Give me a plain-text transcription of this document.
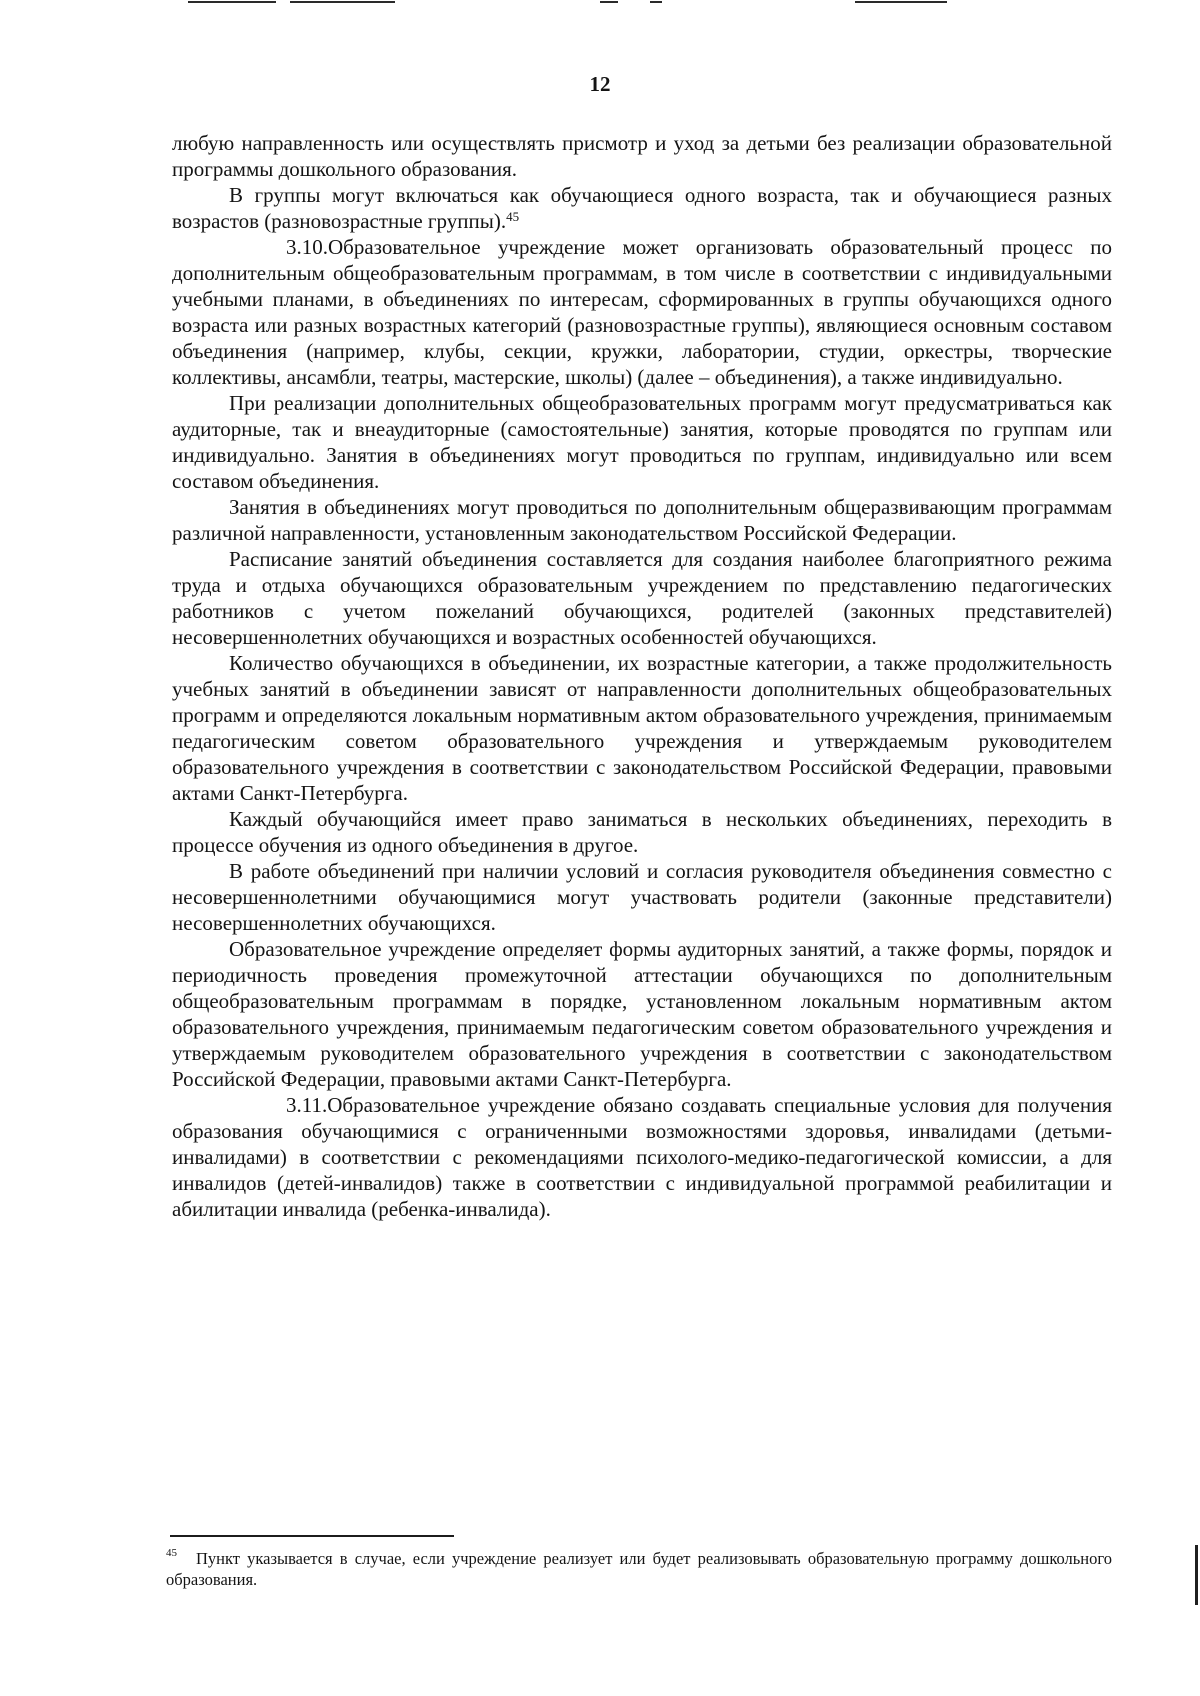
12

любую направленность или осуществлять присмотр и уход за детьми без реализации образовательной программы дошкольного образования.

В группы могут включаться как обучающиеся одного возраста, так и обучающиеся разных возрастов (разновозрастные группы).$^{45}$

3.10.Образовательное учреждение может организовать образовательный процесс по дополнительным общеобразовательным программам, в том числе в соответствии с индивидуальными учебными планами, в объединениях по интересам, сформированных в группы обучающихся одного возраста или разных возрастных категорий (разновозрастные группы), являющиеся основным составом объединения (например, клубы, секции, кружки, лаборатории, студии, оркестры, творческие коллективы, ансамбли, театры, мастерские, школы) (далее – объединения), а также индивидуально.

При реализации дополнительных общеобразовательных программ могут предусматриваться как аудиторные, так и внеаудиторные (самостоятельные) занятия, которые проводятся по группам или индивидуально. Занятия в объединениях могут проводиться по группам, индивидуально или всем составом объединения.

Занятия в объединениях могут проводиться по дополнительным общеразвивающим программам различной направленности, установленным законодательством Российской Федерации.

Расписание занятий объединения составляется для создания наиболее благоприятного режима труда и отдыха обучающихся образовательным учреждением по представлению педагогических работников с учетом пожеланий обучающихся, родителей (законных представителей) несовершеннолетних обучающихся и возрастных особенностей обучающихся.

Количество обучающихся в объединении, их возрастные категории, а также продолжительность учебных занятий в объединении зависят от направленности дополнительных общеобразовательных программ и определяются локальным нормативным актом образовательного учреждения, принимаемым педагогическим советом образовательного учреждения и утверждаемым руководителем образовательного учреждения в соответствии с законодательством Российской Федерации, правовыми актами Санкт-Петербурга.

Каждый обучающийся имеет право заниматься в нескольких объединениях, переходить в процессе обучения из одного объединения в другое.

В работе объединений при наличии условий и согласия руководителя объединения совместно с несовершеннолетними обучающимися могут участвовать родители (законные представители) несовершеннолетних обучающихся.

Образовательное учреждение определяет формы аудиторных занятий, а также формы, порядок и периодичность проведения промежуточной аттестации обучающихся по дополнительным общеобразовательным программам в порядке, установленном локальным нормативным актом образовательного учреждения, принимаемым педагогическим советом образовательного учреждения и утверждаемым руководителем образовательного учреждения в соответствии с законодательством Российской Федерации, правовыми актами Санкт-Петербурга.

3.11.Образовательное учреждение обязано создавать специальные условия для получения образования обучающимися с ограниченными возможностями здоровья, инвалидами (детьми-инвалидами) в соответствии с рекомендациями психолого-медико-педагогической комиссии, а для инвалидов (детей-инвалидов) также в соответствии с индивидуальной программой реабилитации и абилитации инвалида (ребенка-инвалида).

45	Пункт указывается в случае, если учреждение реализует или будет реализовывать образовательную программу дошкольного образования.
